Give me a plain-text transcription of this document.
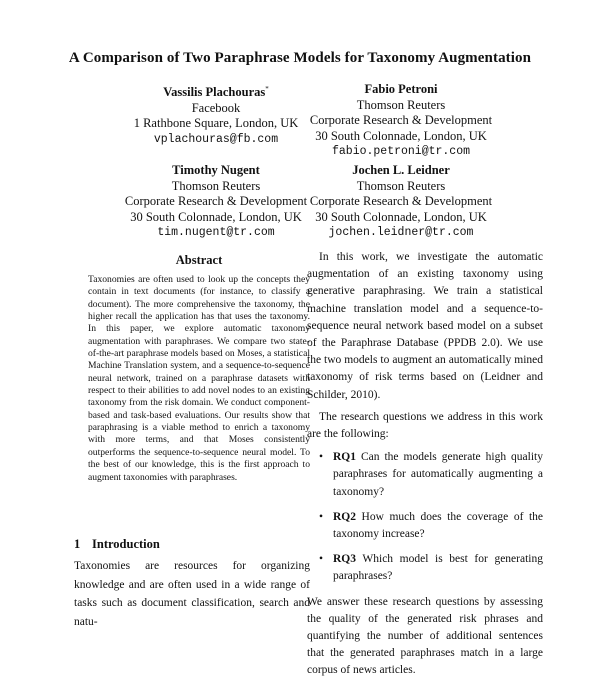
A Comparison of Two Paraphrase Models for Taxonomy Augmentation
Vassilis Plachouras*
Facebook
1 Rathbone Square, London, UK
vplachouras@fb.com
Fabio Petroni
Thomson Reuters
Corporate Research & Development
30 South Colonnade, London, UK
fabio.petroni@tr.com
Timothy Nugent
Thomson Reuters
Corporate Research & Development
30 South Colonnade, London, UK
tim.nugent@tr.com
Jochen L. Leidner
Thomson Reuters
Corporate Research & Development
30 South Colonnade, London, UK
jochen.leidner@tr.com
Abstract
Taxonomies are often used to look up the concepts they contain in text documents (for instance, to classify a document). The more comprehensive the taxonomy, the higher recall the application has that uses the taxonomy. In this paper, we explore automatic taxonomy augmentation with paraphrases. We compare two state-of-the-art paraphrase models based on Moses, a statistical Machine Translation system, and a sequence-to-sequence neural network, trained on a paraphrase datasets with respect to their abilities to add novel nodes to an existing taxonomy from the risk domain. We conduct component-based and task-based evaluations. Our results show that paraphrasing is a viable method to enrich a taxonomy with more terms, and that Moses consistently outperforms the sequence-to-sequence neural model. To the best of our knowledge, this is the first approach to augment taxonomies with paraphrases.
1 Introduction
Taxonomies are resources for organizing knowledge and are often used in a wide range of tasks such as document classification, search and natu-

In this work, we investigate the automatic augmentation of an existing taxonomy using generative paraphrasing. We train a statistical machine translation model and a sequence-to-sequence neural network based model on a subset of the Paraphrase Database (PPDB 2.0). We use the two models to augment an automatically mined taxonomy of risk terms based on (Leidner and Schilder, 2010).

The research questions we address in this work are the following:

• RQ1 Can the models generate high quality paraphrases for automatically augmenting a taxonomy?
• RQ2 How much does the coverage of the taxonomy increase?
• RQ3 Which model is best for generating paraphrases?

We answer these research questions by assessing the quality of the generated risk phrases and quantifying the number of additional sentences that the generated paraphrases match in a large corpus of news articles.
